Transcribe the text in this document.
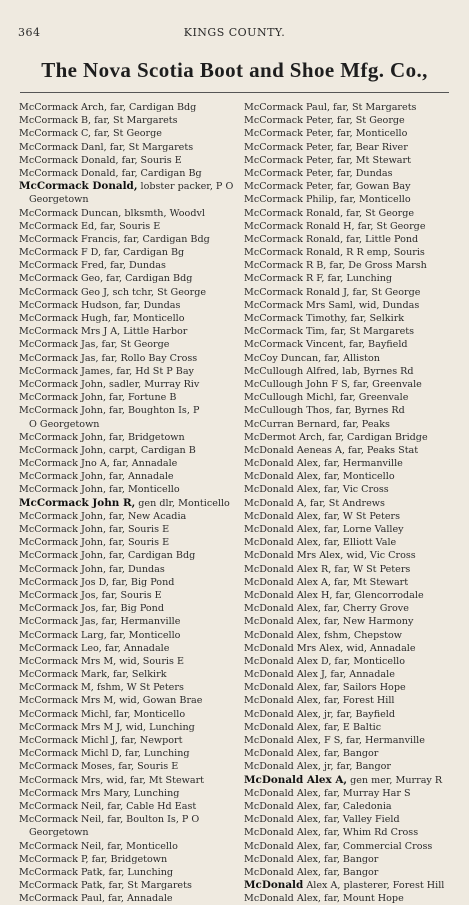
364	KINGS COUNTY.
The Nova Scotia Boot and Shoe Mfg. Co.,
McCormack Arch, far, Cardigan Bdg
McCormack B, far, St Margarets
McCormack C, far, St George
McCormack Danl, far, St Margarets
McCormack Donald, far, Souris E
McCormack Donald, far, Cardigan Bg
McCormack Donald, lobster packer, P O
Georgetown
McCormack Duncan, blksmth, Woodvl
McCormack Ed, far, Souris E
McCormack Francis, far, Cardigan Bdg
McCormack F D, far, Cardigan Bg
McCormack Fred, far, Dundas
McCormack Geo, far, Cardigan Bdg
McCormack Geo J, sch tchr, St George
McCormack Hudson, far, Dundas
McCormack Hugh, far, Monticello
McCormack Mrs J A, Little Harbor
McCormack Jas, far, St George
McCormack Jas, far, Rollo Bay Cross
McCormack James, far, Hd St P Bay
McCormack John, sadler, Murray Riv
McCormack John, far, Fortune B
McCormack John, far, Boughton Is, P
O Georgetown
McCormack John, far, Bridgetown
McCormack John, carpt, Cardigan B
McCormack Jno A, far, Annadale
McCormack John, far, Annadale
McCormack John, far, Monticello
McCormack John R, gen dlr, Monticello
McCormack John, far, New Acadia
McCormack John, far, Souris E
McCormack John, far, Souris E
McCormack John, far, Cardigan Bdg
McCormack John, far, Dundas
McCormack Jos D, far, Big Pond
McCormack Jos, far, Souris E
McCormack Jos, far, Big Pond
McCormack Jas, far, Hermanville
McCormack Larg, far, Monticello
McCormack Leo, far, Annadale
McCormack Mrs M, wid, Souris E
McCormack Mark, far, Selkirk
McCormack M, fshm, W St Peters
McCormack Mrs M, wid, Gowan Brae
McCormack Michl, far, Monticello
McCormack Mrs M J, wid, Lunching
McCormack Michl J, far, Newport
McCormack Michl D, far, Lunching
McCormack Moses, far, Souris E
McCormack Mrs, wid, far, Mt Stewart
McCormack Mrs Mary, Lunching
McCormack Neil, far, Cable Hd East
McCormack Neil, far, Boulton Is, P O
Georgetown
McCormack Neil, far, Monticello
McCormack P, far, Bridgetown
McCormack Patk, far, Lunching
McCormack Patk, far, St Margarets
McCormack Paul, far, Annadale
McCormack Paul, far, St Margarets
McCormack Peter, far, St George
McCormack Peter, far, Monticello
McCormack Peter, far, Bear River
McCormack Peter, far, Mt Stewart
McCormack Peter, far, Dundas
McCormack Peter, far, Gowan Bay
McCormack Philip, far, Monticello
McCormack Ronald, far, St George
McCormack Ronald H, far, St George
McCormack Ronald, far, Little Pond
McCormack Ronald, R R emp, Souris
McCormack R B, far, De Gross Marsh
McCormack R F, far, Lunching
McCormack Ronald J, far, St George
McCormack Mrs Saml, wid, Dundas
McCormack Timothy, far, Selkirk
McCormack Tim, far, St Margarets
McCormack Vincent, far, Bayfield
McCoy Duncan, far, Alliston
McCullough Alfred, lab, Byrnes Rd
McCullough John F S, far, Greenvale
McCullough Michl, far, Greenvale
McCullough Thos, far, Byrnes Rd
McCurran Bernard, far, Peaks
McDermot Arch, far, Cardigan Bridge
McDonald Aeneas A, far, Peaks Stat
McDonald Alex, far, Hermanville
McDonald Alex, far, Monticello
McDonald Alex, far, Vic Cross
McDonald A, far, St Andrews
McDonald Alex, far, W St Peters
McDonald Alex, far, Lorne Valley
McDonald Alex, far, Elliott Vale
McDonald Mrs Alex, wid, Vic Cross
McDonald Alex R, far, W St Peters
McDonald Alex A, far, Mt Stewart
McDonald Alex H, far, Glencorrodale
McDonald Alex, far, Cherry Grove
McDonald Alex, far, New Harmony
McDonald Alex, fshm, Chepstow
McDonald Mrs Alex, wid, Annadale
McDonald Alex D, far, Monticello
McDonald Alex J, far, Annadale
McDonald Alex, far, Sailors Hope
McDonald Alex, far, Forest Hill
McDonald Alex, jr, far, Bayfield
McDonald Alex, far, E Baltic
McDonald Alex, F S, far, Hermanville
McDonald Alex, far, Bangor
McDonald Alex, jr, far, Bangor
McDonald Alex A, gen mer, Murray R
McDonald Alex, far, Murray Har S
McDonald Alex, far, Caledonia
McDonald Alex, far, Valley Field
McDonald Alex, far, Whim Rd Cross
McDonald Alex, far, Commercial Cross
McDonald Alex, far, Bangor
McDonald Alex, far, Bangor
McDonald Alex A, plasterer, Forest Hill
McDonald Alex, far, Mount Hope
